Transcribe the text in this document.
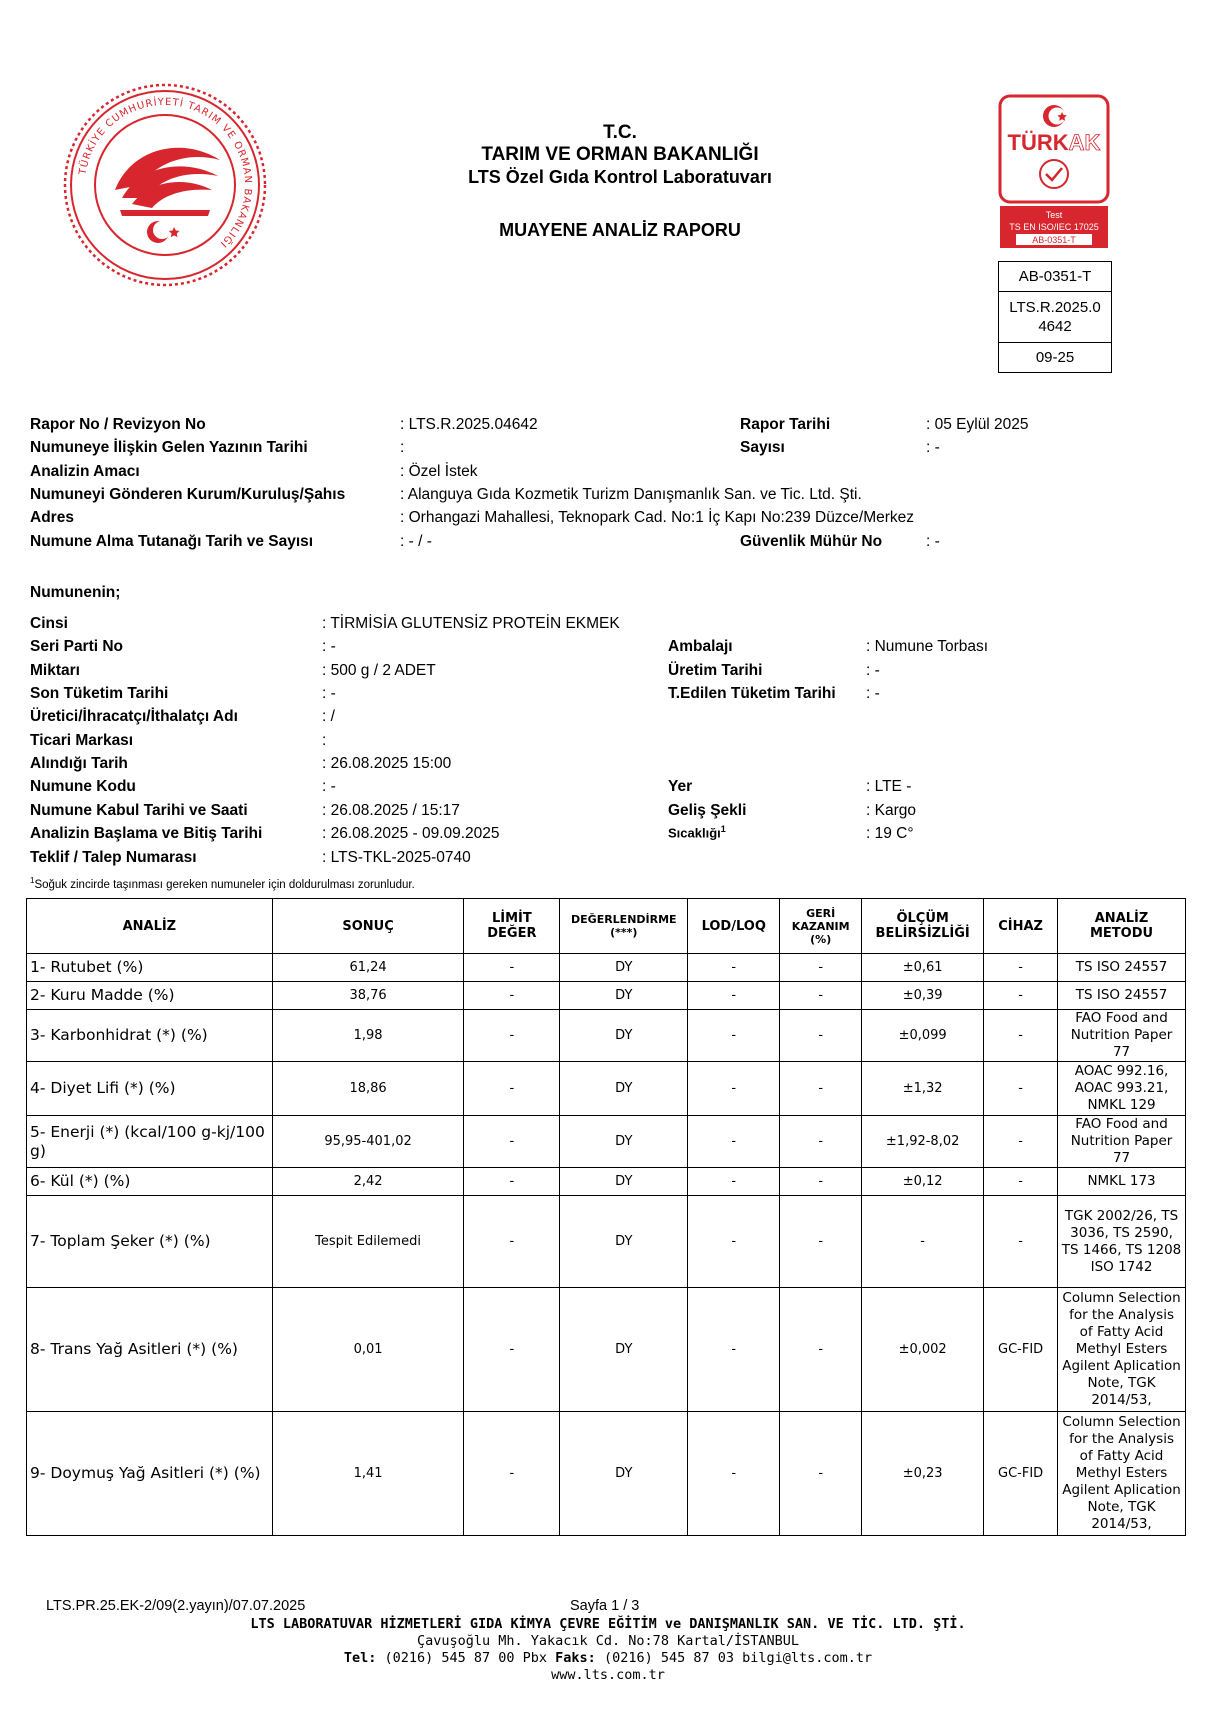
TÜRKİYE CUMHURİYETİ TARIM VE ORMAN BAKANLIĞI
T.C.
TARIM VE ORMAN BAKANLIĞI
LTS Özel Gıda Kontrol Laboratuvarı
MUAYENE ANALİZ RAPORU
TÜRKAK
Test
TS EN ISO/IEC 17025
AB-0351-T
AB-0351-T
LTS.R.2025.0
4642
09-25
Rapor No / Revizyon No	: LTS.R.2025.04642	Rapor Tarihi	: 05 Eylül 2025
Numuneye İlişkin Gelen Yazının Tarihi	:	Sayısı	: -
Analizin Amacı	: Özel İstek
Numuneyi Gönderen Kurum/Kuruluş/Şahıs	: Alanguya Gıda Kozmetik Turizm Danışmanlık San. ve Tic. Ltd. Şti.
Adres	: Orhangazi Mahallesi, Teknopark Cad. No:1 İç Kapı No:239 Düzce/Merkez
Numune Alma Tutanağı Tarih ve Sayısı	: - / -	Güvenlik Mühür No	: -
Numunenin;
Cinsi	: TİRMİSİA GLUTENSİZ PROTEİN EKMEK
Seri Parti No	: -	Ambalajı	: Numune Torbası
Miktarı	: 500 g / 2 ADET	Üretim Tarihi	: -
Son Tüketim Tarihi	: -	T.Edilen Tüketim Tarihi : -
Üretici/İhracatçı/İthalatçı Adı	: /
Ticari Markası	:
Alındığı Tarih	: 26.08.2025 15:00
Numune Kodu	: -	Yer	: LTE -
Numune Kabul Tarihi ve Saati	: 26.08.2025 / 15:17	Geliş Şekli	: Kargo
Analizin Başlama ve Bitiş Tarihi	: 26.08.2025 - 09.09.2025	Sıcaklığı$^1$	: 19 C°
Teklif / Talep Numarası	: LTS-TKL-2025-0740
$^1$Soğuk zincirde taşınması gereken numuneler için doldurulması zorunludur.
ANALİZ	SONUÇ	LİMİT DEĞER	DEĞERLENDİRME (***)	LOD/LOQ	GERİ KAZANIM (%)	ÖLÇÜM BELİRSİZLİĞİ	CİHAZ	ANALİZ METODU
1- Rutubet (%)	61,24	-	DY	-	-	±0,61	-	TS ISO 24557
2- Kuru Madde (%)	38,76	-	DY	-	-	±0,39	-	TS ISO 24557
3- Karbonhidrat (*) (%)	1,98	-	DY	-	-	±0,099	-	FAO Food and Nutrition Paper 77
4- Diyet Lifi (*) (%)	18,86	-	DY	-	-	±1,32	-	AOAC 992.16, AOAC 993.21, NMKL 129
5- Enerji (*) (kcal/100 g-kj/100 g)	95,95-401,02	-	DY	-	-	±1,92-8,02	-	FAO Food and Nutrition Paper 77
6- Kül (*) (%)	2,42	-	DY	-	-	±0,12	-	NMKL 173
7- Toplam Şeker (*) (%)	Tespit Edilemedi	-	DY	-	-	-	-	TGK 2002/26, TS 3036, TS 2590, TS 1466, TS 1208 ISO 1742
8- Trans Yağ Asitleri (*) (%)	0,01	-	DY	-	-	±0,002	GC-FID	Column Selection for the Analysis of Fatty Acid Methyl Esters Agilent Aplication Note, TGK 2014/53,
9- Doymuş Yağ Asitleri (*) (%)	1,41	-	DY	-	-	±0,23	GC-FID	Column Selection for the Analysis of Fatty Acid Methyl Esters Agilent Aplication Note, TGK 2014/53,
LTS.PR.25.EK-2/09(2.yayın)/07.07.2025	Sayfa 1 / 3
LTS LABORATUVAR HİZMETLERİ GIDA KİMYA ÇEVRE EĞİTİM ve DANIŞMANLIK SAN. VE TİC. LTD. ŞTİ.
Çavuşoğlu Mh. Yakacık Cd. No:78 Kartal/İSTANBUL
Tel: (0216) 545 87 00 Pbx Faks: (0216) 545 87 03 bilgi@lts.com.tr
www.lts.com.tr
